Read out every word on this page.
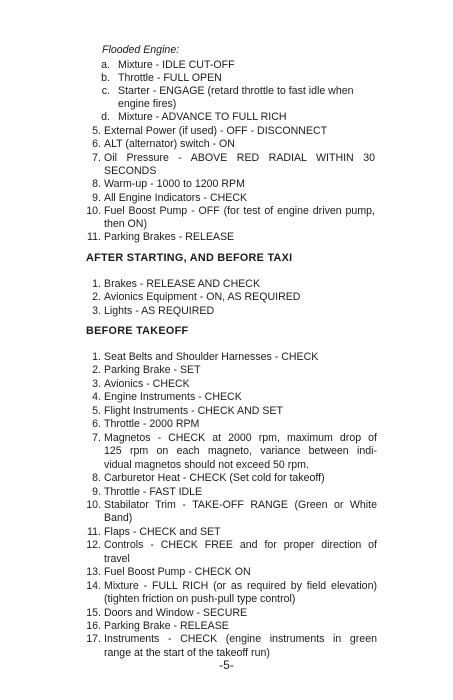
Flooded Engine:
a. Mixture - IDLE CUT-OFF
b. Throttle - FULL OPEN
c. Starter - ENGAGE (retard throttle to fast idle when
engine fires)
d. Mixture - ADVANCE TO FULL RICH
5. External Power (if used) - OFF - DISCONNECT
6. ALT (alternator) switch - ON
7. Oil Pressure - ABOVE RED RADIAL WITHIN 30
SECONDS
8. Warm-up - 1000 to 1200 RPM
9. All Engine Indicators - CHECK
10. Fuel Boost Pump - OFF (for test of engine driven pump,
then ON)
11. Parking Brakes - RELEASE
AFTER STARTING, AND BEFORE TAXI
1. Brakes - RELEASE AND CHECK
2. Avionics Equipment - ON, AS REQUIRED
3. Lights - AS REQUIRED
BEFORE TAKEOFF
1. Seat Belts and Shoulder Harnesses - CHECK
2. Parking Brake - SET
3. Avionics - CHECK
4. Engine Instruments - CHECK
5. Flight Instruments - CHECK AND SET
6. Throttle - 2000 RPM
7. Magnetos - CHECK at 2000 rpm, maximum drop of
125 rpm on each magneto, variance between indi-
vidual magnetos should not exceed 50 rpm.
8. Carburetor Heat - CHECK (Set cold for takeoff)
9. Throttle - FAST IDLE
10. Stabilator Trim - TAKE-OFF RANGE (Green or White
Band)
11. Flaps - CHECK and SET
12. Controls - CHECK FREE and for proper direction of
travel
13. Fuel Boost Pump - CHECK ON
14. Mixture - FULL RICH (or as required by field elevation)
(tighten friction on push-pull type control)
15. Doors and Window - SECURE
16. Parking Brake - RELEASE
17. Instruments - CHECK (engine instruments in green
range at the start of the takeoff run)
-5-
